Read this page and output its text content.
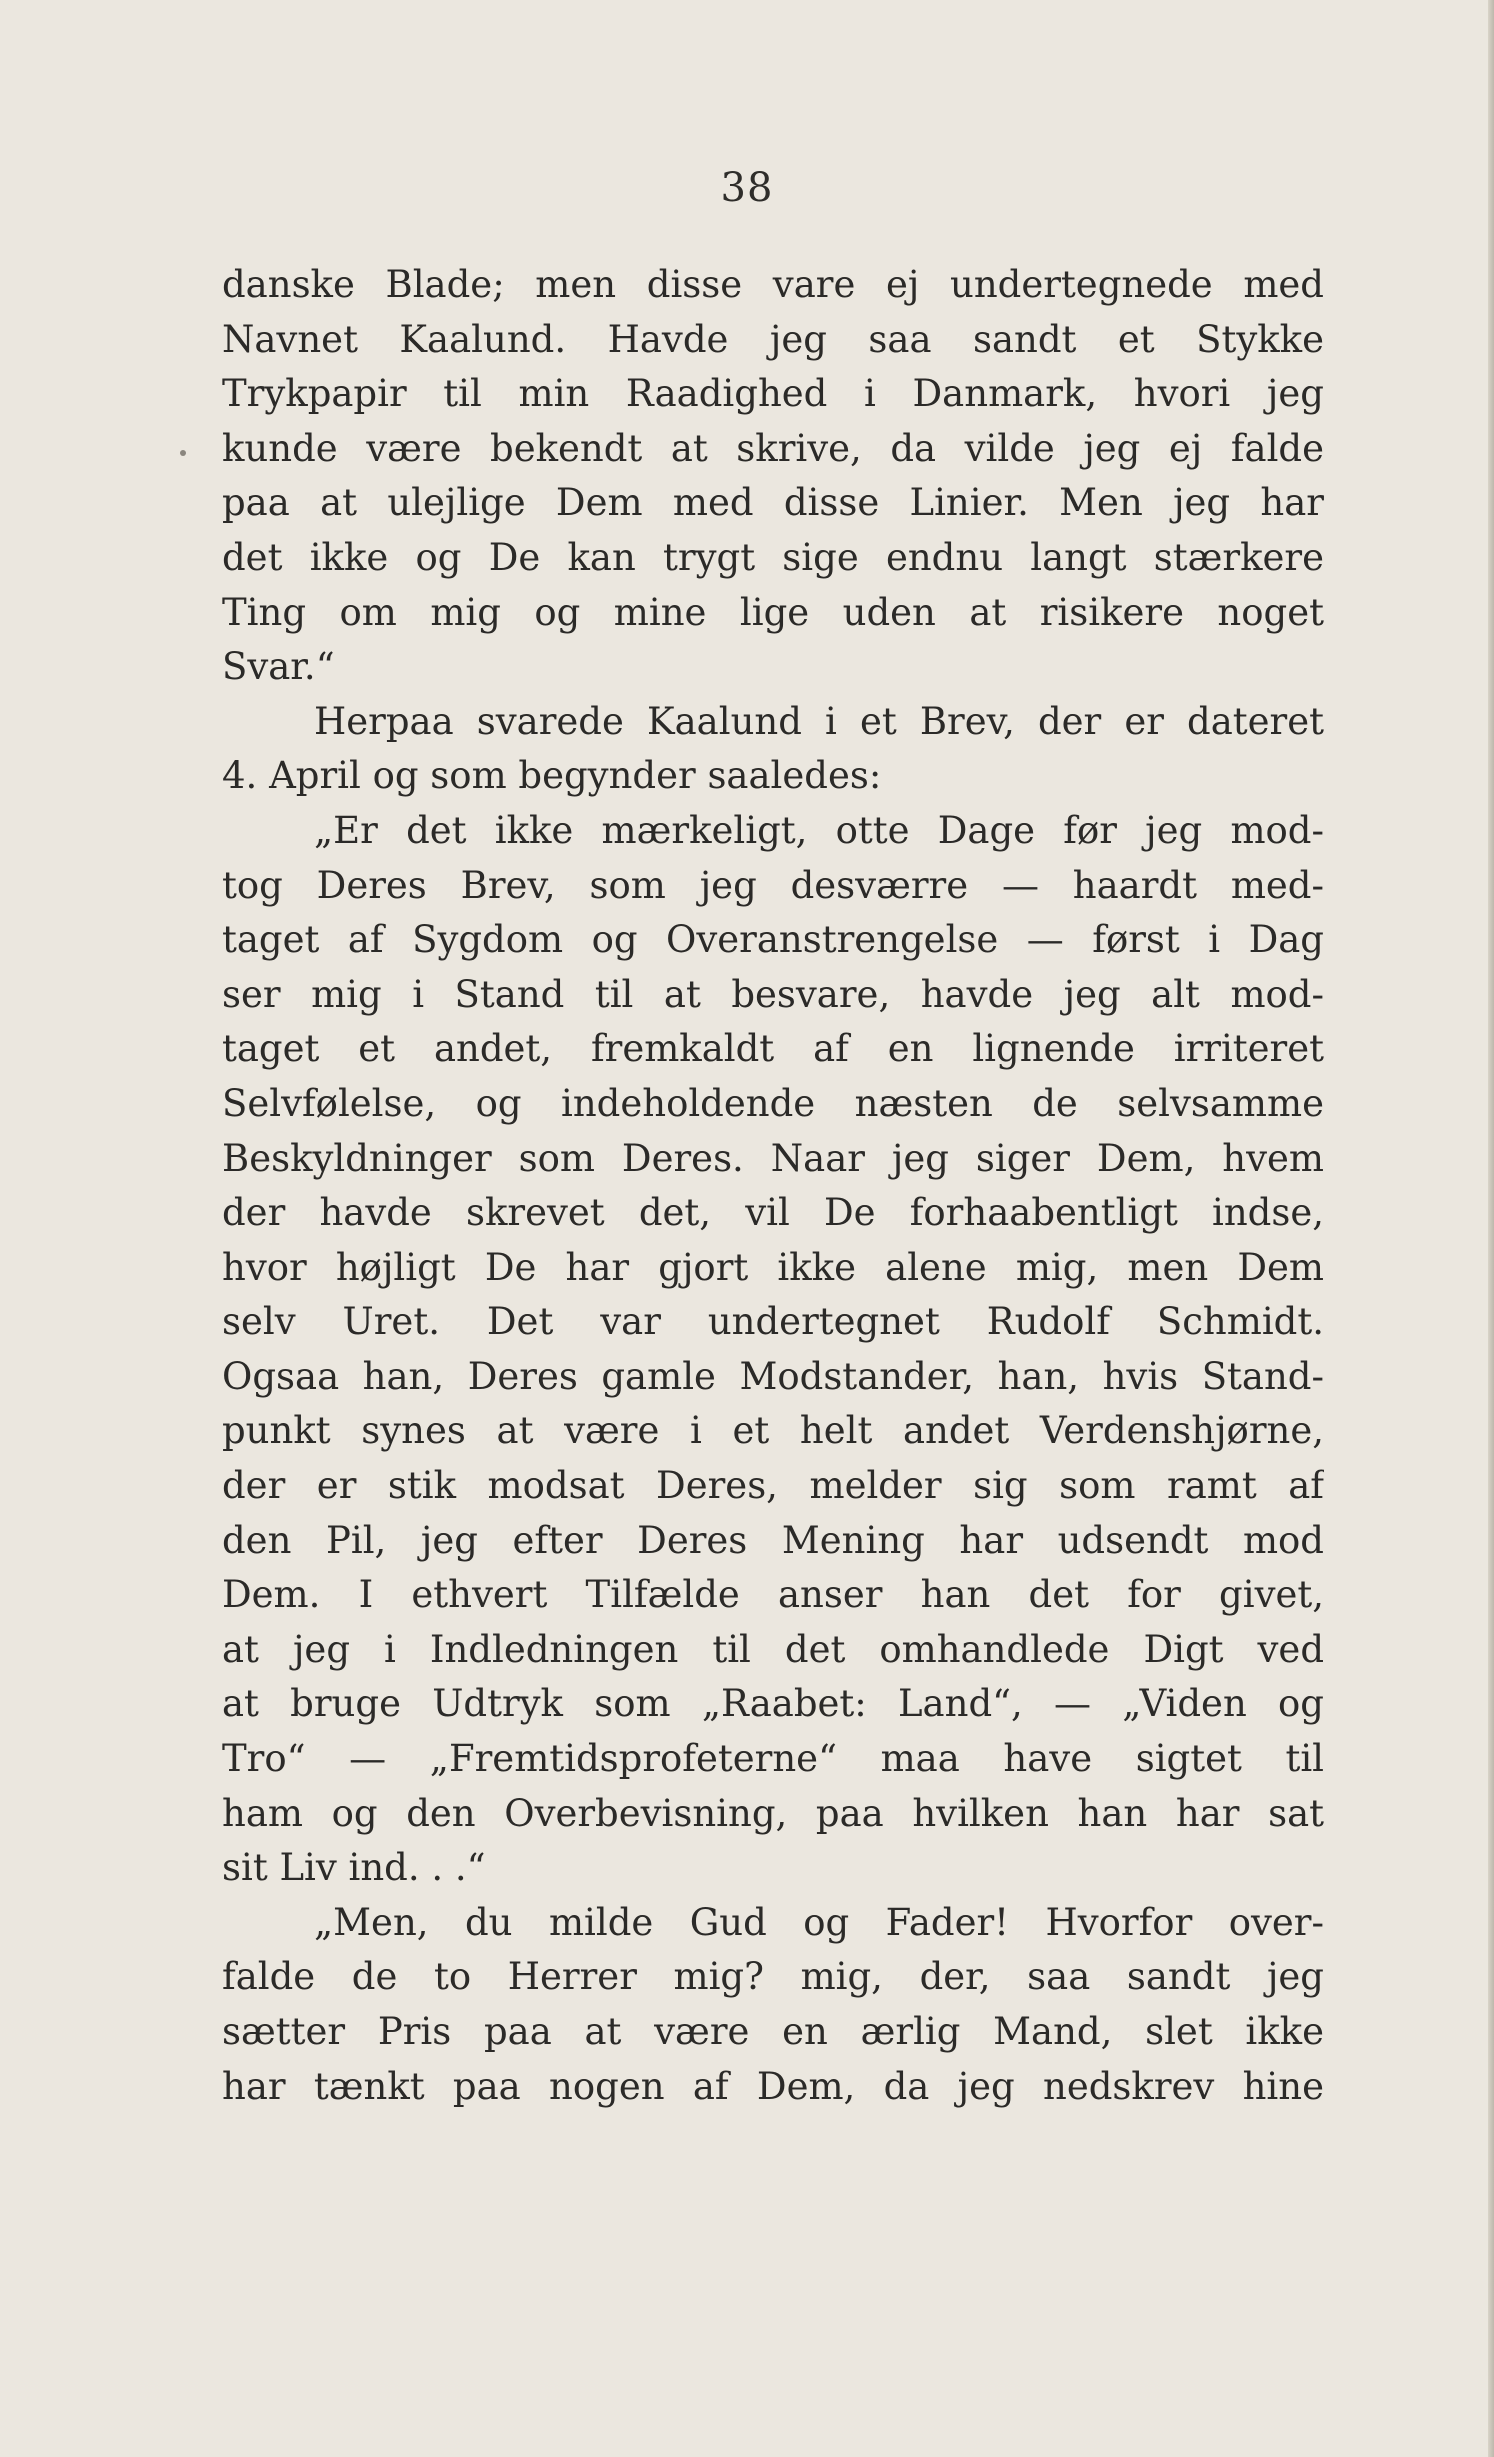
38
danske Blade; men disse vare ej undertegnede med
Navnet Kaalund. Havde jeg saa sandt et Stykke
Trykpapir til min Raadighed i Danmark, hvori jeg
kunde være bekendt at skrive, da vilde jeg ej falde
paa at ulejlige Dem med disse Linier. Men jeg har
det ikke og De kan trygt sige endnu langt stærkere
Ting om mig og mine lige uden at risikere noget
Svar.“
Herpaa svarede Kaalund i et Brev, der er dateret
4. April og som begynder saaledes:
„Er det ikke mærkeligt, otte Dage før jeg mod-
tog Deres Brev, som jeg desværre — haardt med-
taget af Sygdom og Overanstrengelse — først i Dag
ser mig i Stand til at besvare, havde jeg alt mod-
taget et andet, fremkaldt af en lignende irriteret
Selvfølelse, og indeholdende næsten de selvsamme
Beskyldninger som Deres. Naar jeg siger Dem, hvem
der havde skrevet det, vil De forhaabentligt indse,
hvor højligt De har gjort ikke alene mig, men Dem
selv Uret. Det var undertegnet Rudolf Schmidt.
Ogsaa han, Deres gamle Modstander, han, hvis Stand-
punkt synes at være i et helt andet Verdenshjørne,
der er stik modsat Deres, melder sig som ramt af
den Pil, jeg efter Deres Mening har udsendt mod
Dem. I ethvert Tilfælde anser han det for givet,
at jeg i Indledningen til det omhandlede Digt ved
at bruge Udtryk som „Raabet: Land“, — „Viden og
Tro“ — „Fremtidsprofeterne“ maa have sigtet til
ham og den Overbevisning, paa hvilken han har sat
sit Liv ind. . .“
„Men, du milde Gud og Fader! Hvorfor over-
falde de to Herrer mig? mig, der, saa sandt jeg
sætter Pris paa at være en ærlig Mand, slet ikke
har tænkt paa nogen af Dem, da jeg nedskrev hine
